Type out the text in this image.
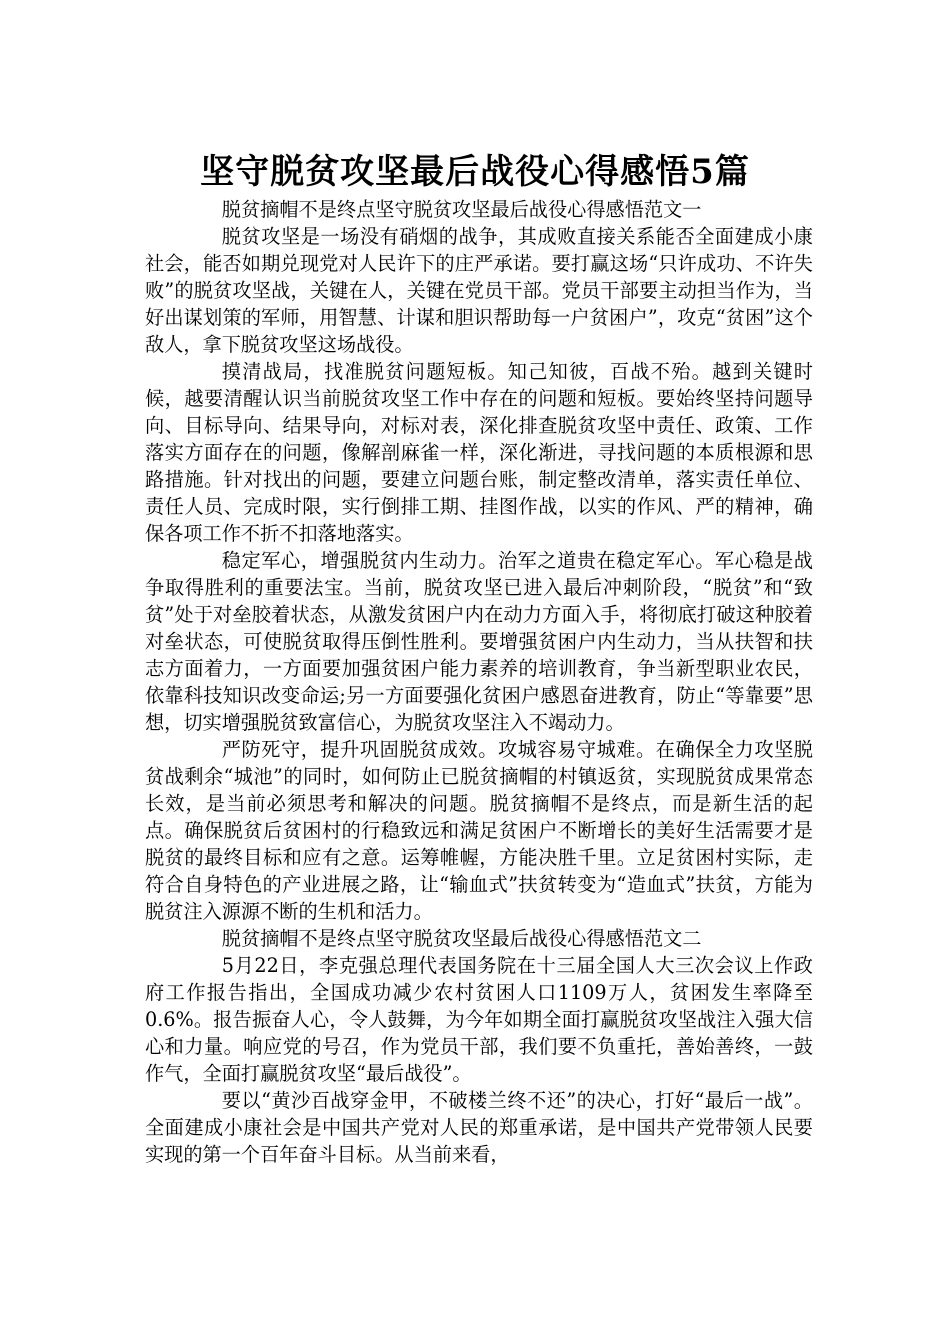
坚守脱贫攻坚最后战役心得感悟5篇

脱贫摘帽不是终点坚守脱贫攻坚最后战役心得感悟范文一

脱贫攻坚是一场没有硝烟的战争，其成败直接关系能否全面建成小康社会，能否如期兑现党对人民许下的庄严承诺。要打赢这场“只许成功、不许失败”的脱贫攻坚战，关键在人，关键在党员干部。党员干部要主动担当作为，当好出谋划策的军师，用智慧、计谋和胆识帮助每一户贫困户”，攻克“贫困”这个敌人，拿下脱贫攻坚这场战役。

摸清战局，找准脱贫问题短板。知己知彼，百战不殆。越到关键时候，越要清醒认识当前脱贫攻坚工作中存在的问题和短板。要始终坚持问题导向、目标导向、结果导向，对标对表，深化排查脱贫攻坚中责任、政策、工作落实方面存在的问题，像解剖麻雀一样，深化渐进，寻找问题的本质根源和思路措施。针对找出的问题，要建立问题台账，制定整改清单，落实责任单位、责任人员、完成时限，实行倒排工期、挂图作战，以实的作风、严的精神，确保各项工作不折不扣落地落实。

稳定军心，增强脱贫内生动力。治军之道贵在稳定军心。军心稳是战争取得胜利的重要法宝。当前，脱贫攻坚已进入最后冲刺阶段，“脱贫”和“致贫”处于对垒胶着状态，从激发贫困户内在动力方面入手，将彻底打破这种胶着对垒状态，可使脱贫取得压倒性胜利。要增强贫困户内生动力，当从扶智和扶志方面着力，一方面要加强贫困户能力素养的培训教育，争当新型职业农民，依靠科技知识改变命运;另一方面要强化贫困户感恩奋进教育，防止“等靠要”思想，切实增强脱贫致富信心，为脱贫攻坚注入不竭动力。

严防死守，提升巩固脱贫成效。攻城容易守城难。在确保全力攻坚脱贫战剩余“城池”的同时，如何防止已脱贫摘帽的村镇返贫，实现脱贫成果常态长效，是当前必须思考和解决的问题。脱贫摘帽不是终点，而是新生活的起点。确保脱贫后贫困村的行稳致远和满足贫困户不断增长的美好生活需要才是脱贫的最终目标和应有之意。运筹帷幄，方能决胜千里。立足贫困村实际，走符合自身特色的产业进展之路，让“输血式”扶贫转变为“造血式”扶贫，方能为脱贫注入源源不断的生机和活力。

脱贫摘帽不是终点坚守脱贫攻坚最后战役心得感悟范文二

5月22日，李克强总理代表国务院在十三届全国人大三次会议上作政府工作报告指出，全国成功减少农村贫困人口1109万人，贫困发生率降至0.6%。报告振奋人心，令人鼓舞，为今年如期全面打赢脱贫攻坚战注入强大信心和力量。响应党的号召，作为党员干部，我们要不负重托，善始善终，一鼓作气，全面打赢脱贫攻坚“最后战役”。

要以“黄沙百战穿金甲，不破楼兰终不还”的决心，打好“最后一战”。全面建成小康社会是中国共产党对人民的郑重承诺，是中国共产党带领人民要实现的第一个百年奋斗目标。从当前来看，
